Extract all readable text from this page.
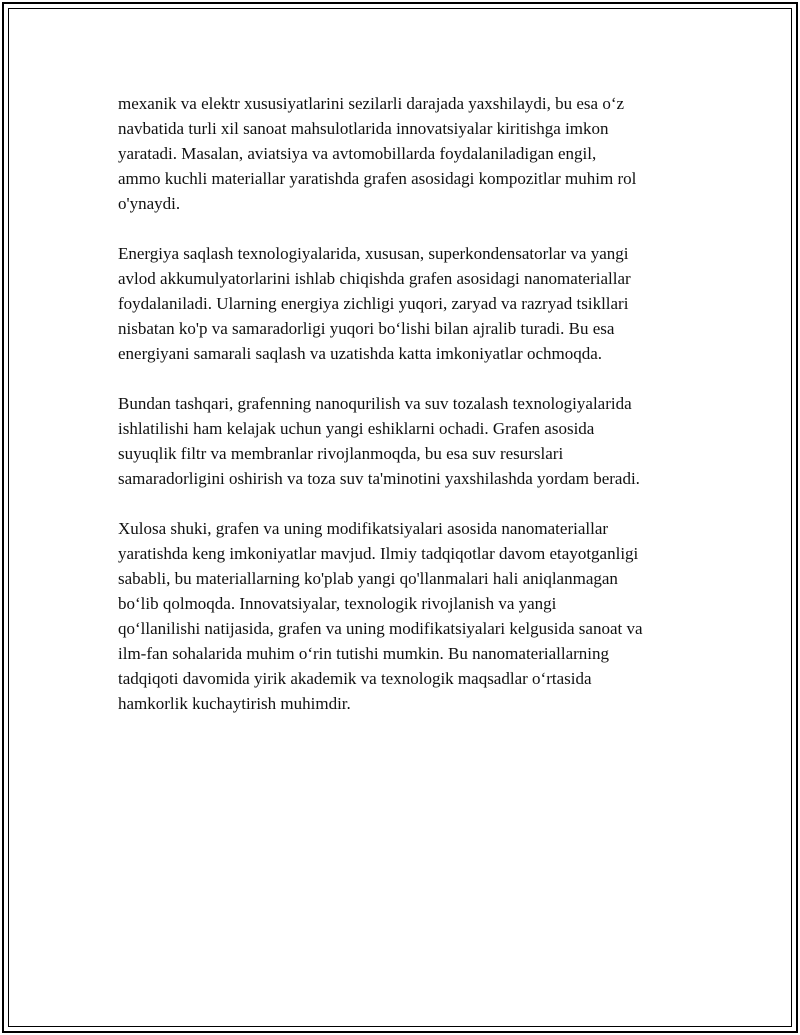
mexanik va elektr xususiyatlarini sezilarli darajada yaxshilaydi, bu esa o‘z
navbatida turli xil sanoat mahsulotlarida innovatsiyalar kiritishga imkon
yaratadi. Masalan, aviatsiya va avtomobillarda foydalaniladigan engil,
ammo kuchli materiallar yaratishda grafen asosidagi kompozitlar muhim rol
o'ynaydi.

Energiya saqlash texnologiyalarida, xususan, superkondensatorlar va yangi
avlod akkumulyatorlarini ishlab chiqishda grafen asosidagi nanomateriallar
foydalaniladi. Ularning energiya zichligi yuqori, zaryad va razryad tsikllari
nisbatan ko'p va samaradorligi yuqori bo‘lishi bilan ajralib turadi. Bu esa
energiyani samarali saqlash va uzatishda katta imkoniyatlar ochmoqda.

Bundan tashqari, grafenning nanoqurilish va suv tozalash texnologiyalarida
ishlatilishi ham kelajak uchun yangi eshiklarni ochadi. Grafen asosida
suyuqlik filtr va membranlar rivojlanmoqda, bu esa suv resurslari
samaradorligini oshirish va toza suv ta'minotini yaxshilashda yordam beradi.

Xulosa shuki, grafen va uning modifikatsiyalari asosida nanomateriallar
yaratishda keng imkoniyatlar mavjud. Ilmiy tadqiqotlar davom etayotganligi
sababli, bu materiallarning ko'plab yangi qo'llanmalari hali aniqlanmagan
bo‘lib qolmoqda. Innovatsiyalar, texnologik rivojlanish va yangi
qo‘llanilishi natijasida, grafen va uning modifikatsiyalari kelgusida sanoat va
ilm-fan sohalarida muhim o‘rin tutishi mumkin. Bu nanomateriallarning
tadqiqoti davomida yirik akademik va texnologik maqsadlar o‘rtasida
hamkorlik kuchaytirish muhimdir.
